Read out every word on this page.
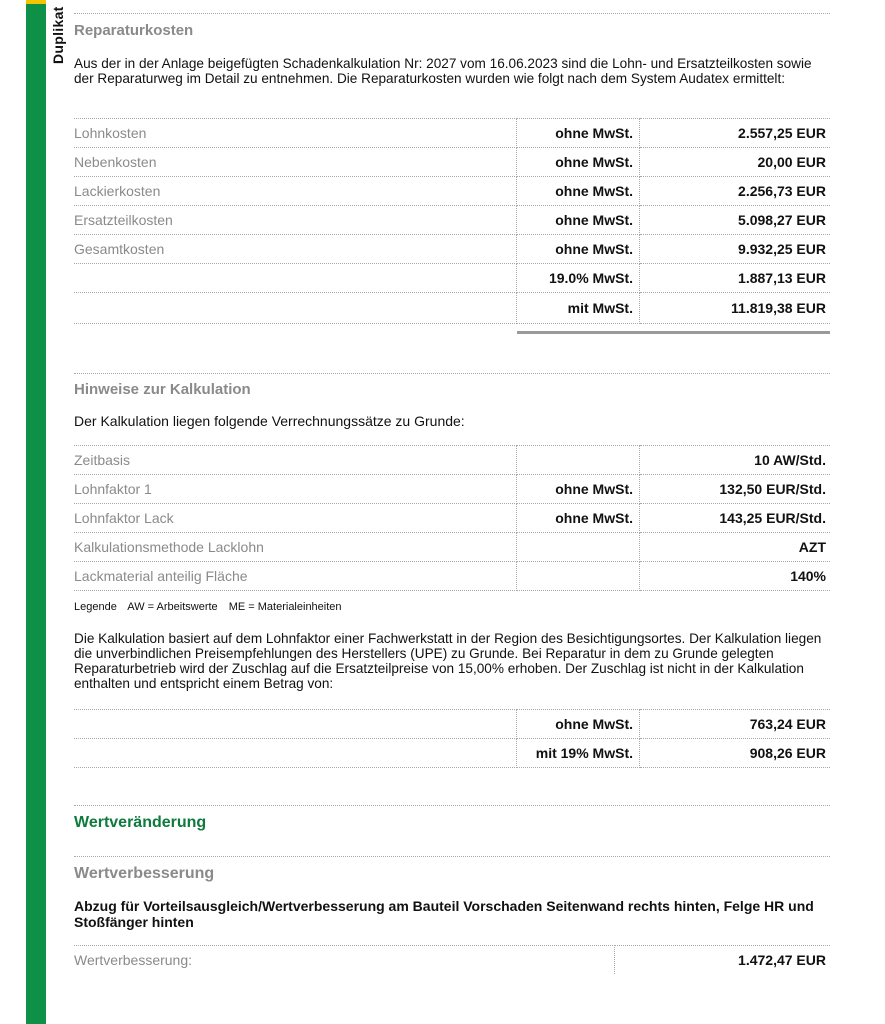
Duplikat Reparaturkosten
Aus der in der Anlage beigefügten Schadenkalkulation Nr: 2027 vom 16.06.2023 sind die Lohn- und Ersatzteilkosten sowie der Reparaturweg im Detail zu entnehmen. Die Reparaturkosten wurden wie folgt nach dem System Audatex ermittelt:
Lohnkosten	ohne MwSt.	2.557,25 EUR
Nebenkosten	ohne MwSt.	20,00 EUR
Lackierkosten	ohne MwSt.	2.256,73 EUR
Ersatzteilkosten	ohne MwSt.	5.098,27 EUR
Gesamtkosten	ohne MwSt.	9.932,25 EUR
	19.0% MwSt.	1.887,13 EUR
	mit MwSt.	11.819,38 EUR
Hinweise zur Kalkulation
Der Kalkulation liegen folgende Verrechnungssätze zu Grunde:
Zeitbasis		10 AW/Std.
Lohnfaktor 1	ohne MwSt.	132,50 EUR/Std.
Lohnfaktor Lack	ohne MwSt.	143,25 EUR/Std.
Kalkulationsmethode Lacklohn		AZT
Lackmaterial anteilig Fläche		140%
Legende AW = Arbeitswerte ME = Materialeinheiten
Die Kalkulation basiert auf dem Lohnfaktor einer Fachwerkstatt in der Region des Besichtigungsortes. Der Kalkulation liegen die unverbindlichen Preisempfehlungen des Herstellers (UPE) zu Grunde. Bei Reparatur in dem zu Grunde gelegten Reparaturbetrieb wird der Zuschlag auf die Ersatzteilpreise von 15,00% erhoben. Der Zuschlag ist nicht in der Kalkulation enthalten und entspricht einem Betrag von:
	ohne MwSt.	763,24 EUR
	mit 19% MwSt.	908,26 EUR
Wertveränderung
Wertverbesserung
Abzug für Vorteilsausgleich/Wertverbesserung am Bauteil Vorschaden Seitenwand rechts hinten, Felge HR und Stoßfänger hinten
Wertverbesserung:	1.472,47 EUR
